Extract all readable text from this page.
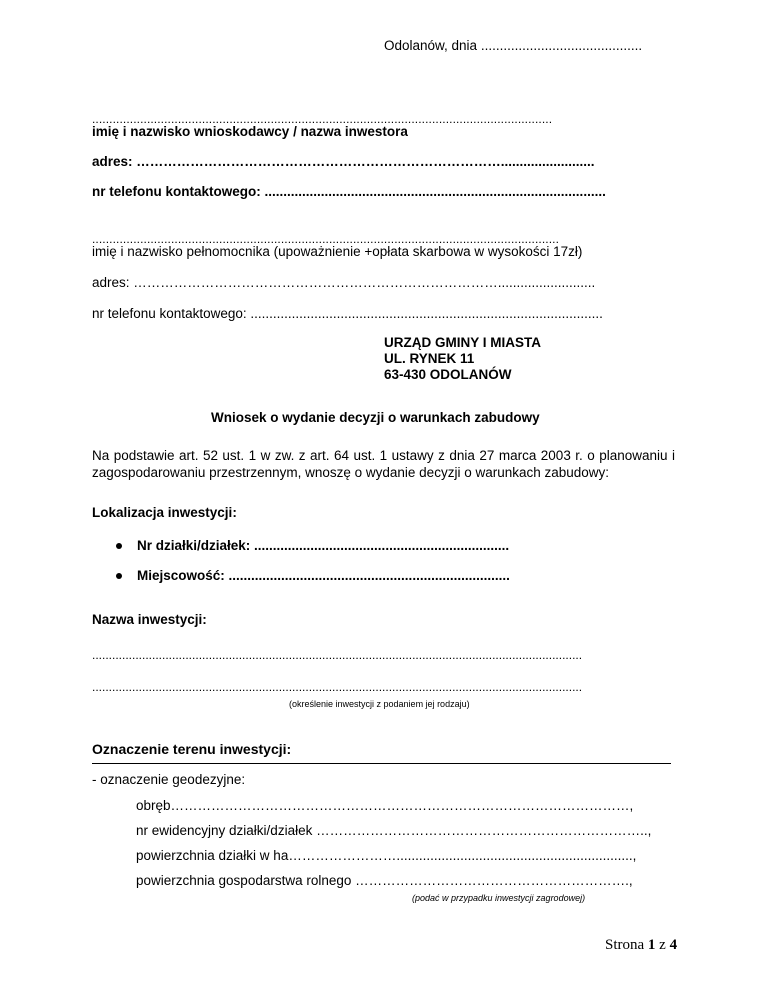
Odolanów, dnia ...........................................
......................................................................................................................................
imię i nazwisko wnioskodawcy / nazwa inwestora
adres: ……………………………………………………………………….........................
nr telefonu kontaktowego: ...........................................................................................
........................................................................................................................................
imię i nazwisko pełnomocnika (upoważnienie +opłata skarbowa w wysokości 17zł)
adres: ………………………………………………………………………..........................
nr telefonu kontaktowego: ..............................................................................................
URZĄD GMINY I MIASTA
UL. RYNEK 11
63-430 ODOLANÓW
Wniosek o wydanie decyzji o warunkach zabudowy
Na podstawie art. 52 ust. 1 w zw. z art. 64 ust. 1 ustawy z dnia 27 marca 2003 r. o planowaniu i zagospodarowaniu przestrzennym, wnoszę o wydanie decyzji o warunkach zabudowy:
Lokalizacja inwestycji:
Nr działki/działek: ....................................................................
Miejscowość: ...........................................................................
Nazwa inwestycji:
...................................................................................................................................................
...................................................................................................................................................
(określenie inwestycji z podaniem jej rodzaju)
Oznaczenie terenu inwestycji:
- oznaczenie geodezyjne:
obręb…………………………………………………………………………………………,
nr ewidencyjny działki/działek ………………………………………………………………..,
powierzchnia działki w ha……………………...............................................................,
powierzchnia gospodarstwa rolnego …………………………………………………….,
(podać w przypadku inwestycji zagrodowej)
Strona 1 z 4
